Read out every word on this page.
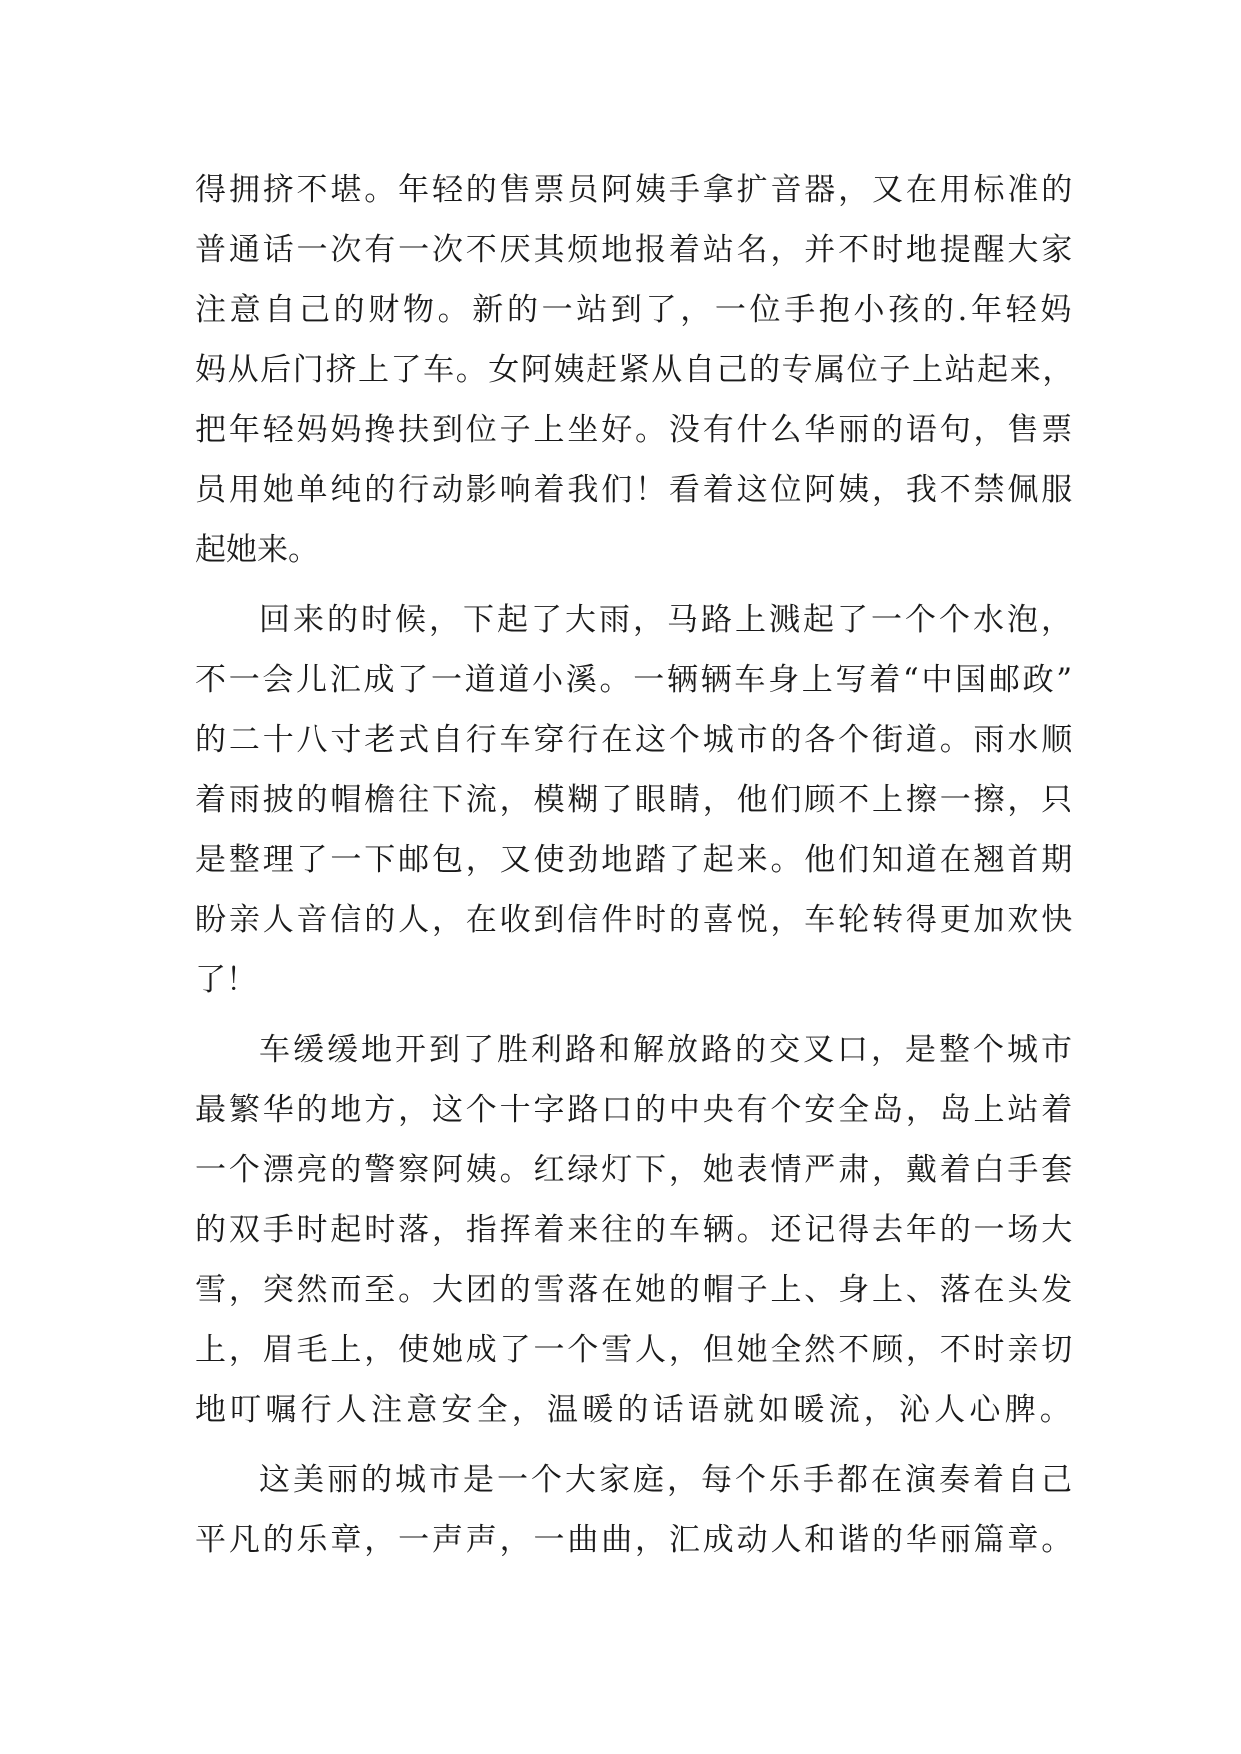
得拥挤不堪。年轻的售票员阿姨手拿扩音器，又在用标准的
普通话一次有一次不厌其烦地报着站名，并不时地提醒大家
注意自己的财物。新的一站到了，一位手抱小孩的.年轻妈
妈从后门挤上了车。女阿姨赶紧从自己的专属位子上站起来，
把年轻妈妈搀扶到位子上坐好。没有什么华丽的语句，售票
员用她单纯的行动影响着我们！看着这位阿姨，我不禁佩服
起她来。
回来的时候，下起了大雨，马路上溅起了一个个水泡，
不一会儿汇成了一道道小溪。一辆辆车身上写着“中国邮政”
的二十八寸老式自行车穿行在这个城市的各个街道。雨水顺
着雨披的帽檐往下流，模糊了眼睛，他们顾不上擦一擦，只
是整理了一下邮包，又使劲地踏了起来。他们知道在翘首期
盼亲人音信的人，在收到信件时的喜悦，车轮转得更加欢快
了！
车缓缓地开到了胜利路和解放路的交叉口，是整个城市
最繁华的地方，这个十字路口的中央有个安全岛，岛上站着
一个漂亮的警察阿姨。红绿灯下，她表情严肃，戴着白手套
的双手时起时落，指挥着来往的车辆。还记得去年的一场大
雪，突然而至。大团的雪落在她的帽子上、身上、落在头发
上，眉毛上，使她成了一个雪人，但她全然不顾，不时亲切
地叮嘱行人注意安全，温暖的话语就如暖流，沁人心脾。
这美丽的城市是一个大家庭，每个乐手都在演奏着自己
平凡的乐章，一声声，一曲曲，汇成动人和谐的华丽篇章。
